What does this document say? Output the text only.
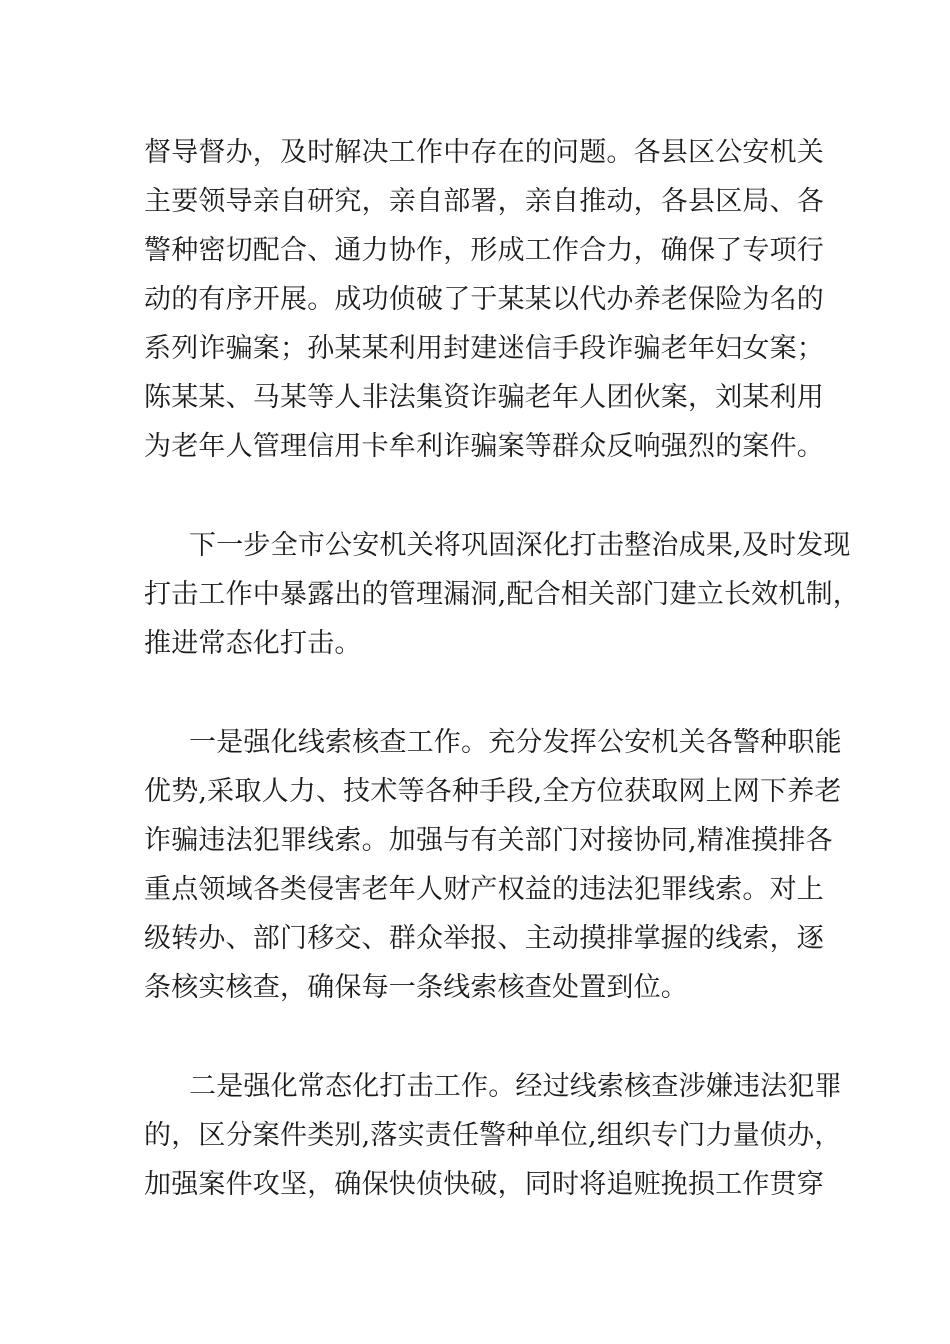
督导督办，及时解决工作中存在的问题。各县区公安机关

主要领导亲自研究，亲自部署，亲自推动，各县区局、各

警种密切配合、通力协作，形成工作合力，确保了专项行

动的有序开展。成功侦破了于某某以代办养老保险为名的

系列诈骗案；孙某某利用封建迷信手段诈骗老年妇女案；

陈某某、马某等人非法集资诈骗老年人团伙案，刘某利用

为老年人管理信用卡牟利诈骗案等群众反响强烈的案件。

下一步全市公安机关将巩固深化打击整治成果,及时发现

打击工作中暴露出的管理漏洞,配合相关部门建立长效机制，

推进常态化打击。

一是强化线索核查工作。充分发挥公安机关各警种职能

优势,采取人力、技术等各种手段,全方位获取网上网下养老

诈骗违法犯罪线索。加强与有关部门对接协同,精准摸排各

重点领域各类侵害老年人财产权益的违法犯罪线索。对上

级转办、部门移交、群众举报、主动摸排掌握的线索，逐

条核实核查，确保每一条线索核查处置到位。

二是强化常态化打击工作。经过线索核查涉嫌违法犯罪

的，区分案件类别,落实责任警种单位,组织专门力量侦办，

加强案件攻坚，确保快侦快破，同时将追赃挽损工作贯穿
